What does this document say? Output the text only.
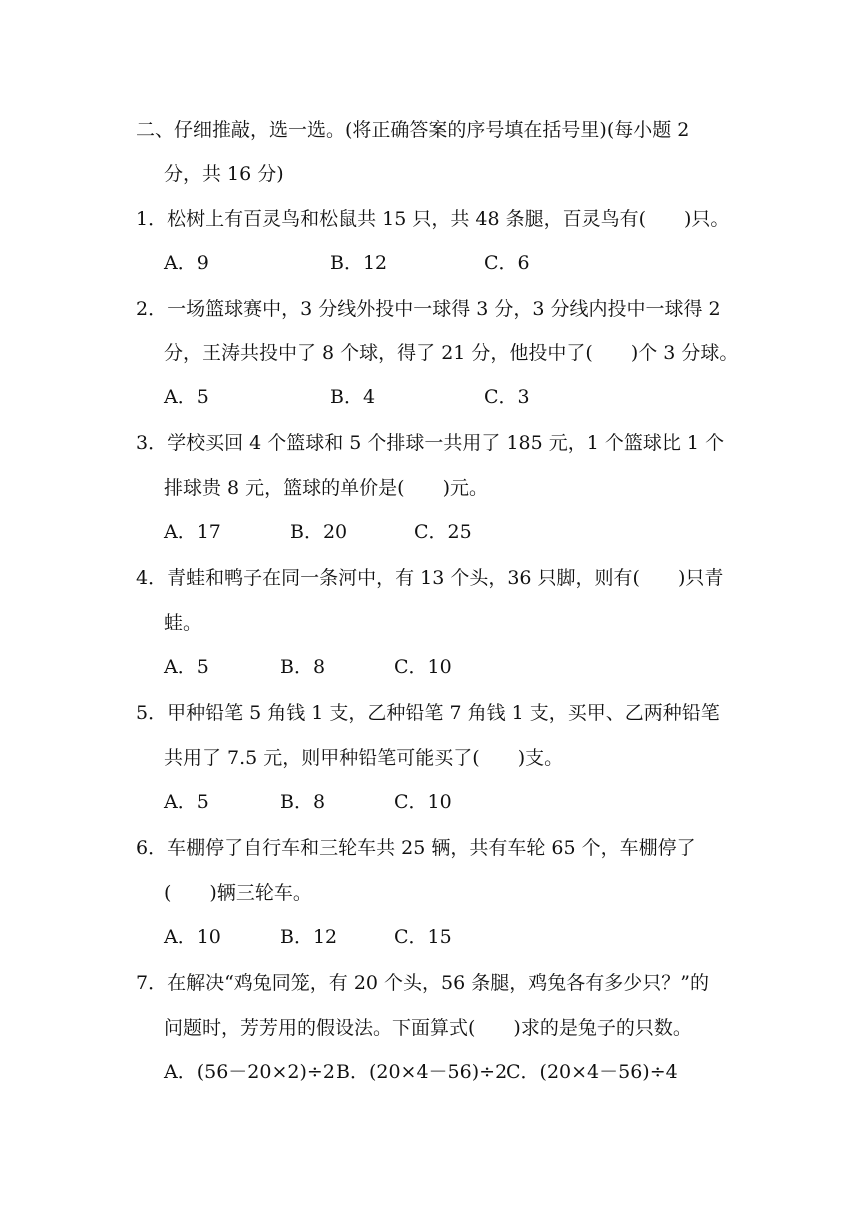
二、仔细推敲，选一选。(将正确答案的序号填在括号里)(每小题 2
分，共 16 分)
1．松树上有百灵鸟和松鼠共 15 只，共 48 条腿，百灵鸟有(　　)只。
A．9	B．12	C．6
2．一场篮球赛中，3 分线外投中一球得 3 分，3 分线内投中一球得 2
分，王涛共投中了 8 个球，得了 21 分，他投中了(　　)个 3 分球。
A．5	B．4	C．3
3．学校买回 4 个篮球和 5 个排球一共用了 185 元，1 个篮球比 1 个
排球贵 8 元，篮球的单价是(　　)元。
A．17	B．20	C．25
4．青蛙和鸭子在同一条河中，有 13 个头，36 只脚，则有(　　)只青
蛙。
A．5	B．8	C．10
5．甲种铅笔 5 角钱 1 支，乙种铅笔 7 角钱 1 支，买甲、乙两种铅笔
共用了 7.5 元，则甲种铅笔可能买了(　　)支。
A．5	B．8	C．10
6．车棚停了自行车和三轮车共 25 辆，共有车轮 65 个，车棚停了
(　　)辆三轮车。
A．10	B．12	C．15
7．在解决“鸡兔同笼，有 20 个头，56 条腿，鸡兔各有多少只？”的
问题时，芳芳用的假设法。下面算式(　　)求的是兔子的只数。
A．(56－20×2)÷2 B．(20×4－56)÷2
C．(20×4－56)÷4
